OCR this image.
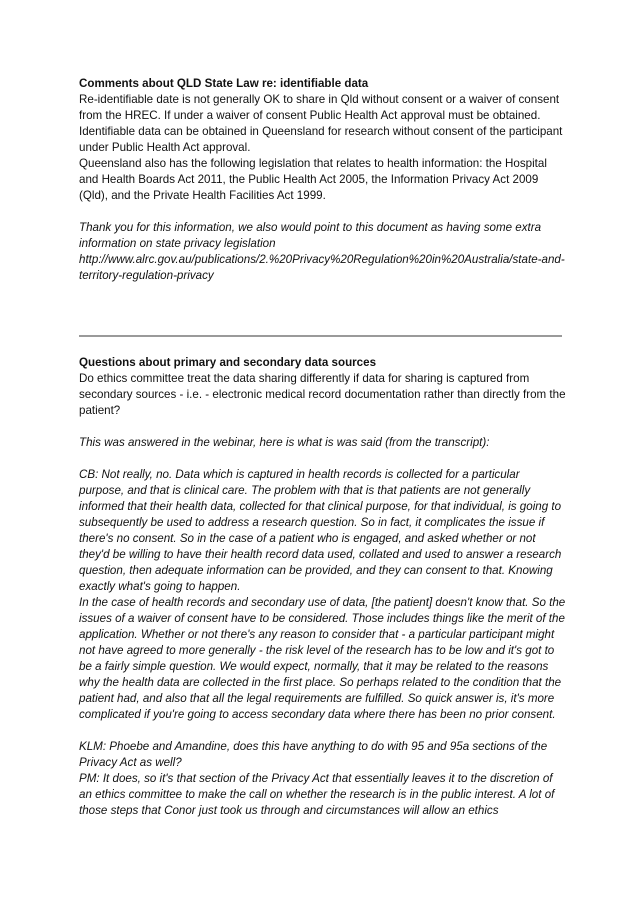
Comments about QLD State Law re: identifiable data

Re-identifiable date is not generally OK to share in Qld without consent or a waiver of consent from the HREC. If under a waiver of consent Public Health Act approval must be obtained.

Identifiable data can be obtained in Queensland for research without consent of the participant under Public Health Act approval.

Queensland also has the following legislation that relates to health information: the Hospital and Health Boards Act 2011, the Public Health Act 2005, the Information Privacy Act 2009 (Qld), and the Private Health Facilities Act 1999.

Thank you for this information, we also would point to this document as having some extra information on state privacy legislation

http://www.alrc.gov.au/publications/2.%20Privacy%20Regulation%20in%20Australia/state-and-territory-regulation-privacy

Questions about primary and secondary data sources

Do ethics committee treat the data sharing differently if data for sharing is captured from secondary sources - i.e. - electronic medical record documentation rather than directly from the patient?

This was answered in the webinar, here is what is was said (from the transcript):

CB: Not really, no. Data which is captured in health records is collected for a particular purpose, and that is clinical care. The problem with that is that patients are not generally informed that their health data, collected for that clinical purpose, for that individual, is going to subsequently be used to address a research question. So in fact, it complicates the issue if there's no consent. So in the case of a patient who is engaged, and asked whether or not they'd be willing to have their health record data used, collated and used to answer a research question, then adequate information can be provided, and they can consent to that. Knowing exactly what's going to happen.

In the case of health records and secondary use of data, [the patient] doesn't know that. So the issues of a waiver of consent have to be considered. Those includes things like the merit of the application. Whether or not there's any reason to consider that - a particular participant might not have agreed to more generally - the risk level of the research has to be low and it's got to be a fairly simple question. We would expect, normally, that it may be related to the reasons why the health data are collected in the first place. So perhaps related to the condition that the patient had, and also that all the legal requirements are fulfilled. So quick answer is, it's more complicated if you're going to access secondary data where there has been no prior consent.

KLM: Phoebe and Amandine, does this have anything to do with 95 and 95a sections of the Privacy Act as well?

PM: It does, so it's that section of the Privacy Act that essentially leaves it to the discretion of an ethics committee to make the call on whether the research is in the public interest. A lot of those steps that Conor just took us through and circumstances will allow an ethics
